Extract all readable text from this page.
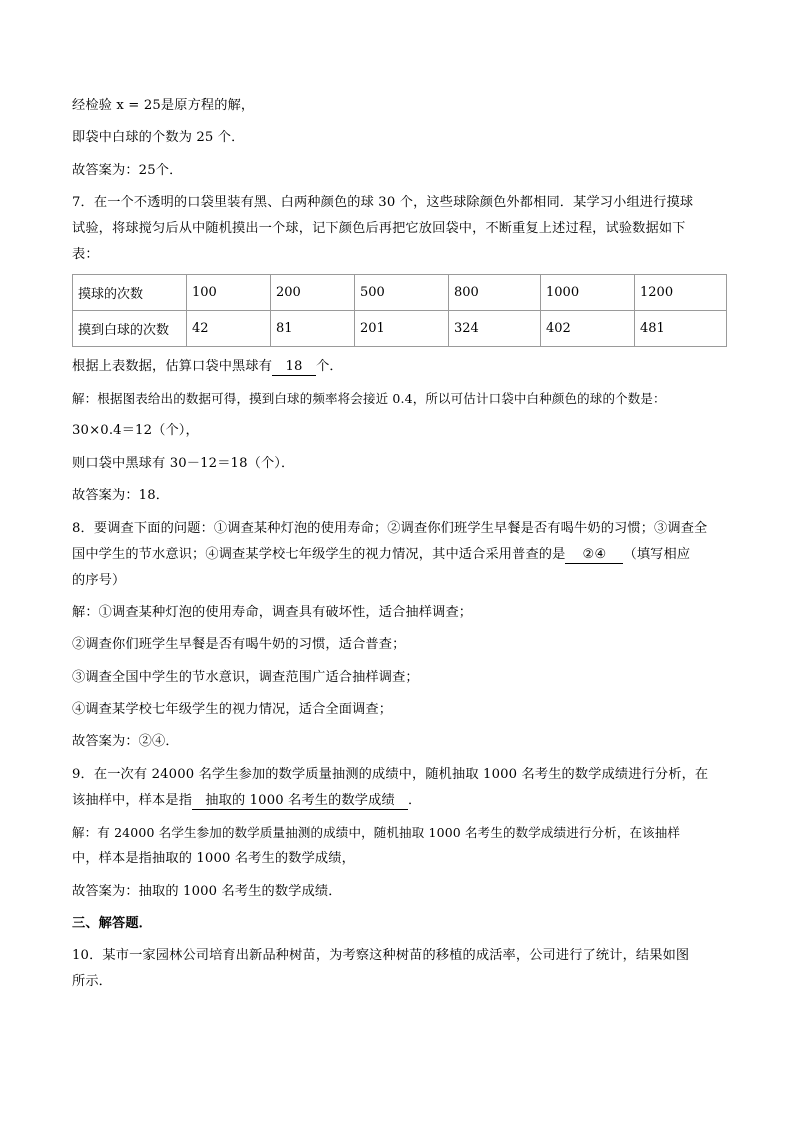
经检验 x = 25是原方程的解，
即袋中白球的个数为 25 个．
故答案为：25个．
7．在一个不透明的口袋里装有黑、白两种颜色的球 30 个，这些球除颜色外都相同．某学习小组进行摸球
试验，将球搅匀后从中随机摸出一个球，记下颜色后再把它放回袋中，不断重复上述过程，试验数据如下
表：
摸球的次数	100	200	500	800	1000	1200
摸到白球的次数	42	81	201	324	402	481
根据上表数据，估算口袋中黑球有 18 个．
解：根据图表给出的数据可得，摸到白球的频率将会接近 0.4，所以可估计口袋中白种颜色的球的个数是：
30×0.4＝12（个），
则口袋中黑球有 30－12＝18（个）．
故答案为：18．
8．要调查下面的问题：①调查某种灯泡的使用寿命；②调查你们班学生早餐是否有喝牛奶的习惯；③调查全
国中学生的节水意识；④调查某学校七年级学生的视力情况，其中适合采用普查的是 ②④ （填写相应
的序号）
解：①调查某种灯泡的使用寿命，调查具有破坏性，适合抽样调查；
②调查你们班学生早餐是否有喝牛奶的习惯，适合普查；
③调查全国中学生的节水意识，调查范围广适合抽样调查；
④调查某学校七年级学生的视力情况，适合全面调查；
故答案为：②④．
9．在一次有 24000 名学生参加的数学质量抽测的成绩中，随机抽取 1000 名考生的数学成绩进行分析，在
该抽样中，样本是指 抽取的 1000 名考生的数学成绩 ．
解：有 24000 名学生参加的数学质量抽测的成绩中，随机抽取 1000 名考生的数学成绩进行分析，在该抽样
中，样本是指抽取的 1000 名考生的数学成绩，
故答案为：抽取的 1000 名考生的数学成绩．
三、解答题．
10．某市一家园林公司培育出新品种树苗，为考察这种树苗的移植的成活率，公司进行了统计，结果如图
所示．
